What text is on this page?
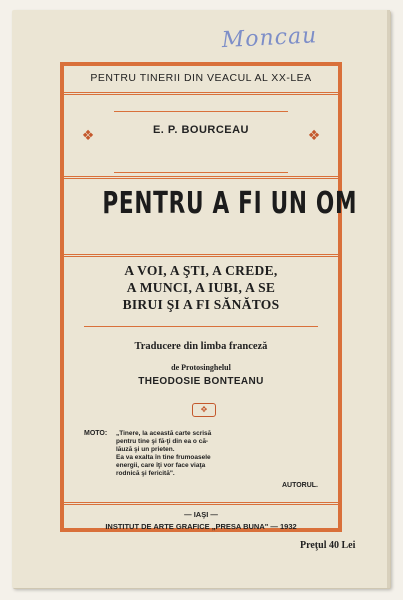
Moncau
PENTRU TINERII DIN VEACUL AL XX-LEA
❖	❖
E. P. BOURCEAU
PENTRU A FI UN OM
A VOI, A ŞTI, A CREDE,
A MUNCI, A IUBI, A SE
BIRUI ŞI A FI SĂNĂTOS
Traducere din limba franceză
de Protosinghelul
THEODOSIE BONTEANU
✥
MOTO: „Tinere, la această carte scrisă
pentru tine şi fă-ţi din ea o că-
lăuză şi un prieten.
Ea va exalta în tine frumoasele
energii, care îţi vor face viaţa
rodnică şi fericită".
AUTORUL.
— IAŞI —
INSTITUT DE ARTE GRAFICE „PRESA BUNA" — 1932
Preţul 40 Lei
